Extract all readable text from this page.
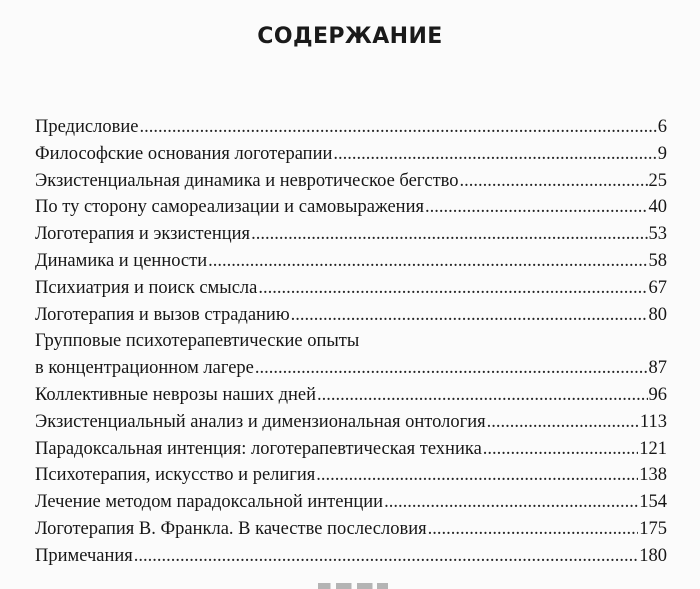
СОДЕРЖАНИЕ
Предисловие .....	6
Философские основания логотерапии .....	9
Экзистенциальная динамика и невротическое бегство .....	25
По ту сторону самореализации и самовыражения .....	40
Логотерапия и экзистенция .....	53
Динамика и ценности .....	58
Психиатрия и поиск смысла .....	67
Логотерапия и вызов страданию .....	80
Групповые психотерапевтические опыты
в концентрационном лагере .....	87
Коллективные неврозы наших дней .....	96
Экзистенциальный анализ и димензиональная онтология .....	113
Парадоксальная интенция: логотерапевтическая техника .....	121
Психотерапия, искусство и религия .....	138
Лечение методом парадоксальной интенции .....	154
Логотерапия В. Франкла. В качестве послесловия .....	175
Примечания .....	180
